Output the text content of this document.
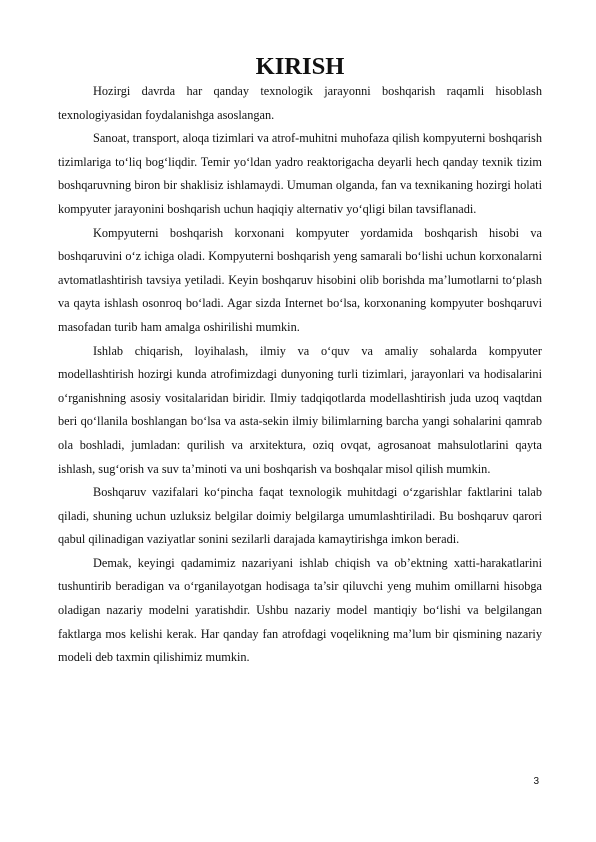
KIRISH

Hozirgi davrda har qanday texnologik jarayonni boshqarish raqamli hisoblash texnologiyasidan foydalanishga asoslangan.

Sanoat, transport, aloqa tizimlari va atrof-muhitni muhofaza qilish kompyuterni boshqarish tizimlariga to‘liq bog‘liqdir. Temir yo‘ldan yadro reaktorigacha deyarli hech qanday texnik tizim boshqaruvning biron bir shaklisiz ishlamaydi. Umuman olganda, fan va texnikaning hozirgi holati kompyuter jarayonini boshqarish uchun haqiqiy alternativ yo‘qligi bilan tavsiflanadi.

Kompyuterni boshqarish korxonani kompyuter yordamida boshqarish hisobi va boshqaruvini o‘z ichiga oladi. Kompyuterni boshqarish yeng samarali bo‘lishi uchun korxonalarni avtomatlashtirish tavsiya yetiladi. Keyin boshqaruv hisobini olib borishda ma’lumotlarni to‘plash va qayta ishlash osonroq bo‘ladi. Agar sizda Internet bo‘lsa, korxonaning kompyuter boshqaruvi masofadan turib ham amalga oshirilishi mumkin.

Ishlab chiqarish, loyihalash, ilmiy va o‘quv va amaliy sohalarda kompyuter modellashtirish hozirgi kunda atrofimizdagi dunyoning turli tizimlari, jarayonlari va hodisalarini o‘rganishning asosiy vositalaridan biridir. Ilmiy tadqiqotlarda modellashtirish juda uzoq vaqtdan beri qo‘llanila boshlangan bo‘lsa va asta-sekin ilmiy bilimlarning barcha yangi sohalarini qamrab ola boshladi, jumladan: qurilish va arxitektura, oziq ovqat, agrosanoat mahsulotlarini qayta ishlash, sug‘orish va suv ta’minoti va uni boshqarish va boshqalar misol qilish mumkin.

Boshqaruv vazifalari ko‘pincha faqat texnologik muhitdagi o‘zgarishlar faktlarini talab qiladi, shuning uchun uzluksiz belgilar doimiy belgilarga umumlashtiriladi. Bu boshqaruv qarori qabul qilinadigan vaziyatlar sonini sezilarli darajada kamaytirishga imkon beradi.

Demak, keyingi qadamimiz nazariyani ishlab chiqish va ob’ektning xatti-harakatlarini tushuntirib beradigan va o‘rganilayotgan hodisaga ta’sir qiluvchi yeng muhim omillarni hisobga oladigan nazariy modelni yaratishdir. Ushbu nazariy model mantiqiy bo‘lishi va belgilangan faktlarga mos kelishi kerak. Har qanday fan atrofdagi voqelikning ma’lum bir qismining nazariy modeli deb taxmin qilishimiz mumkin.

3
